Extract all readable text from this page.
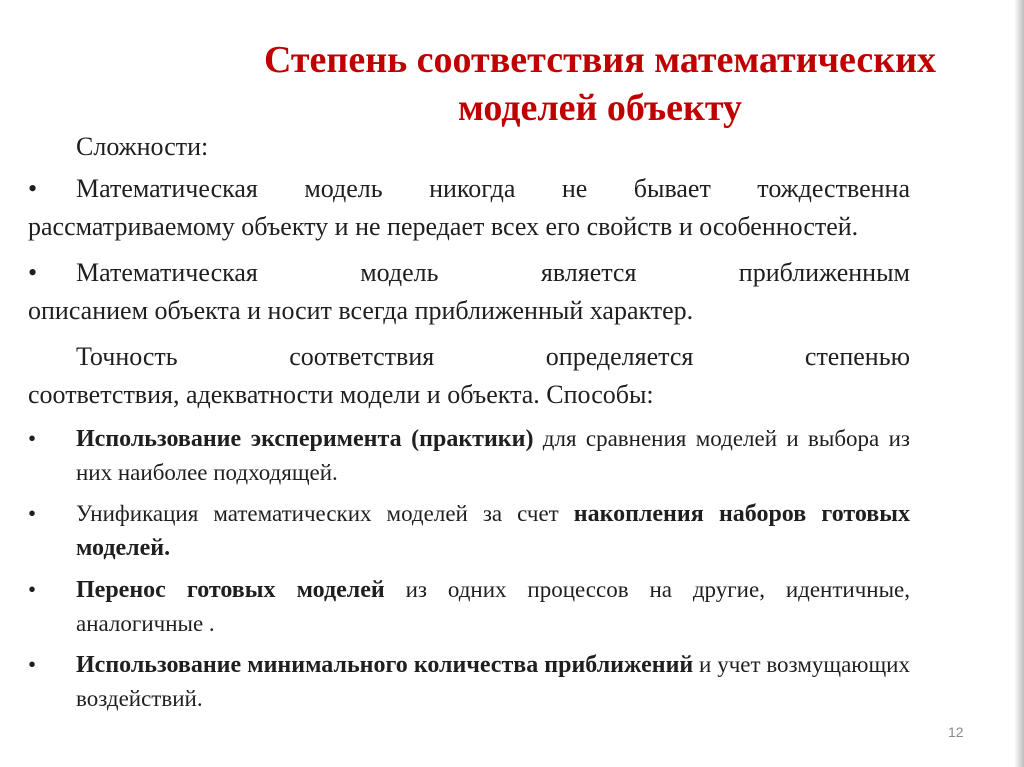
Степень соответствия математических моделей объекту

Сложности:

• Математическая модель никогда не бывает тождественна
рассматриваемому объекту и не передает всех его свойств и особенностей.
• Математическая модель является приближенным
описанием объекта и носит всегда приближенный характер.
Точность соответствия определяется степенью
соответствия, адекватности модели и объекта. Способы:
• Использование эксперимента (практики) для сравнения моделей и выбора из них наиболее подходящей.
• Унификация математических моделей за счет накопления наборов готовых моделей.
• Перенос готовых моделей из одних процессов на другие, идентичные, аналогичные .
• Использование минимального количества приближений и учет возмущающих воздействий.
12
